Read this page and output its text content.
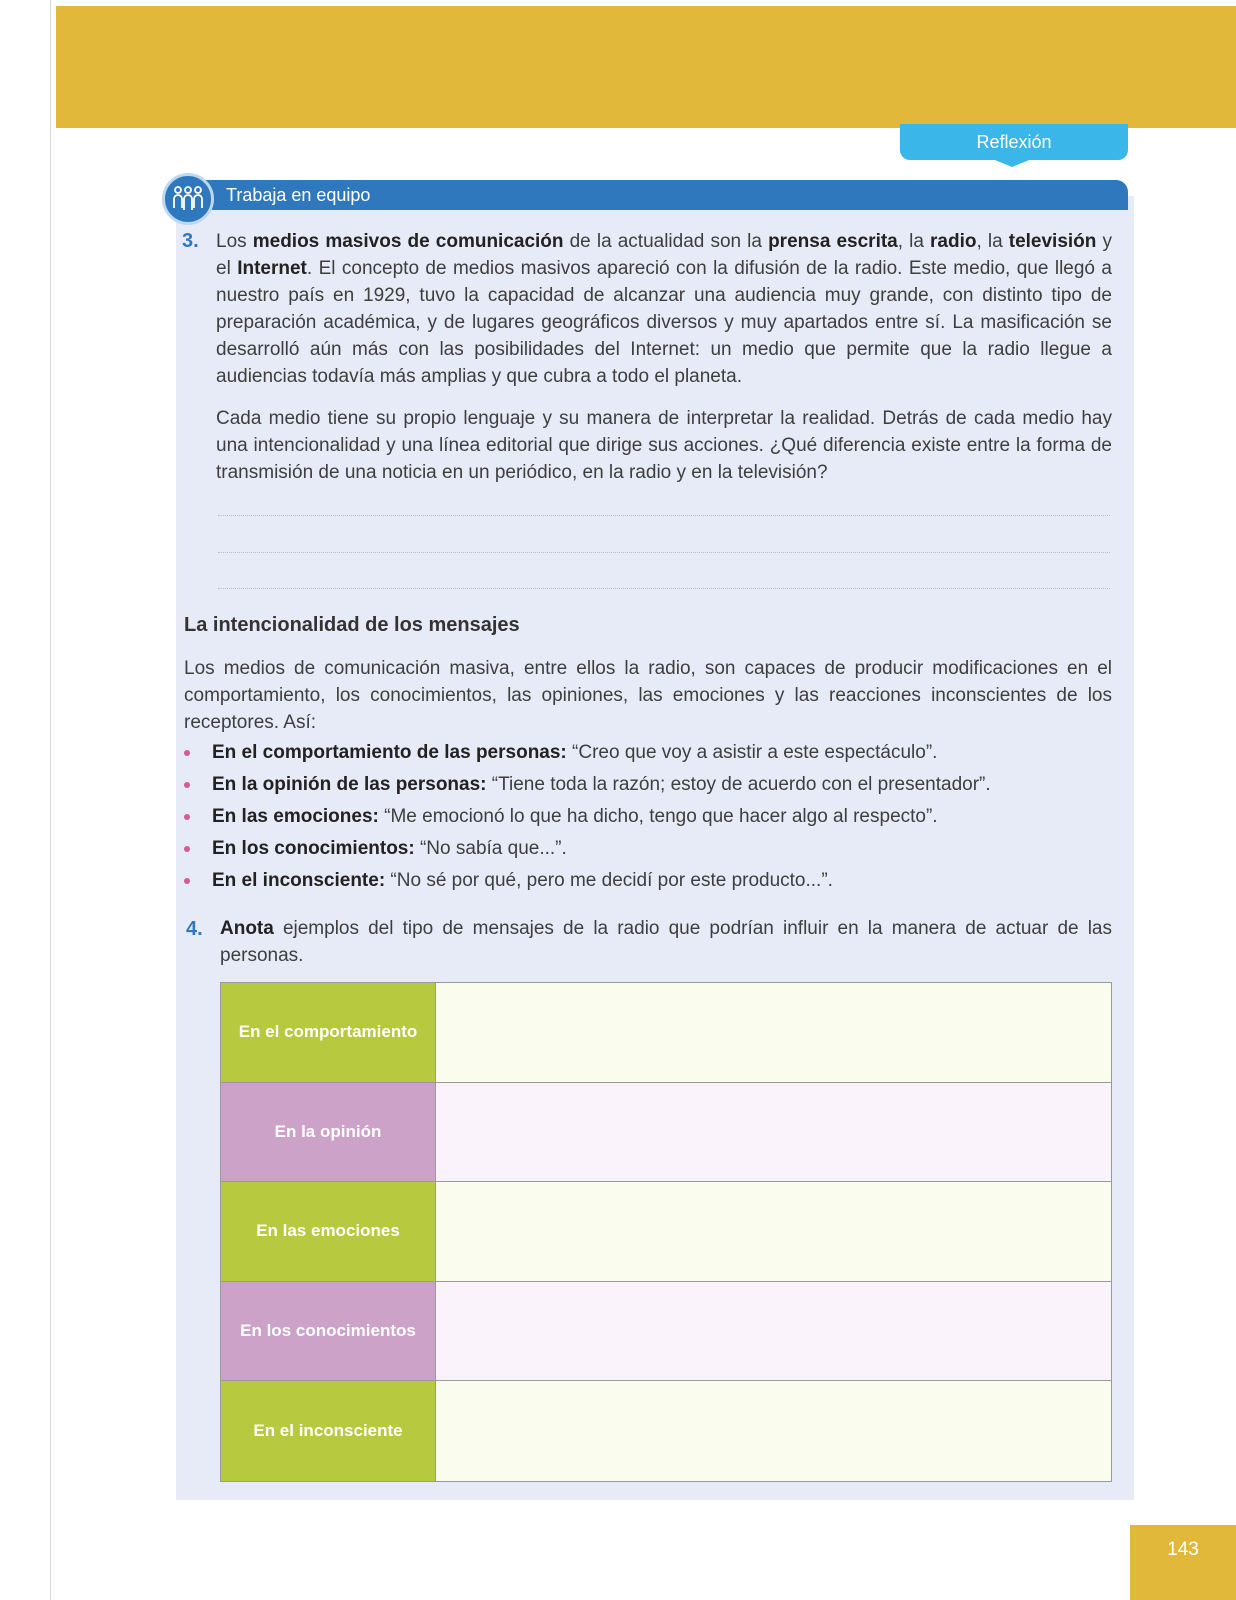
Reflexión
Trabaja en equipo
3. Los medios masivos de comunicación de la actualidad son la prensa escrita, la radio, la televisión y el Internet. El concepto de medios masivos apareció con la difusión de la radio. Este medio, que llegó a nuestro país en 1929, tuvo la capacidad de alcanzar una audiencia muy grande, con distinto tipo de preparación académica, y de lugares geográficos diversos y muy apartados entre sí. La masificación se desarrolló aún más con las posibilidades del Internet: un medio que permite que la radio llegue a audiencias todavía más amplias y que cubra a todo el planeta.

Cada medio tiene su propio lenguaje y su manera de interpretar la realidad. Detrás de cada medio hay una intencionalidad y una línea editorial que dirige sus acciones. ¿Qué diferencia existe entre la forma de transmisión de una noticia en un periódico, en la radio y en la televisión?

La intencionalidad de los mensajes

Los medios de comunicación masiva, entre ellos la radio, son capaces de producir modificaciones en el comportamiento, los conocimientos, las opiniones, las emociones y las reacciones inconscientes de los receptores. Así:

En el comportamiento de las personas: “Creo que voy a asistir a este espectáculo”.
En la opinión de las personas: “Tiene toda la razón; estoy de acuerdo con el presentador”.
En las emociones: “Me emocionó lo que ha dicho, tengo que hacer algo al respecto”.
En los conocimientos: “No sabía que...”.
En el inconsciente: “No sé por qué, pero me decidí por este producto...”.
4. Anota ejemplos del tipo de mensajes de la radio que podrían influir en la manera de actuar de las personas.

En el comportamiento
En la opinión
En las emociones
En los conocimientos
En el inconsciente
143
